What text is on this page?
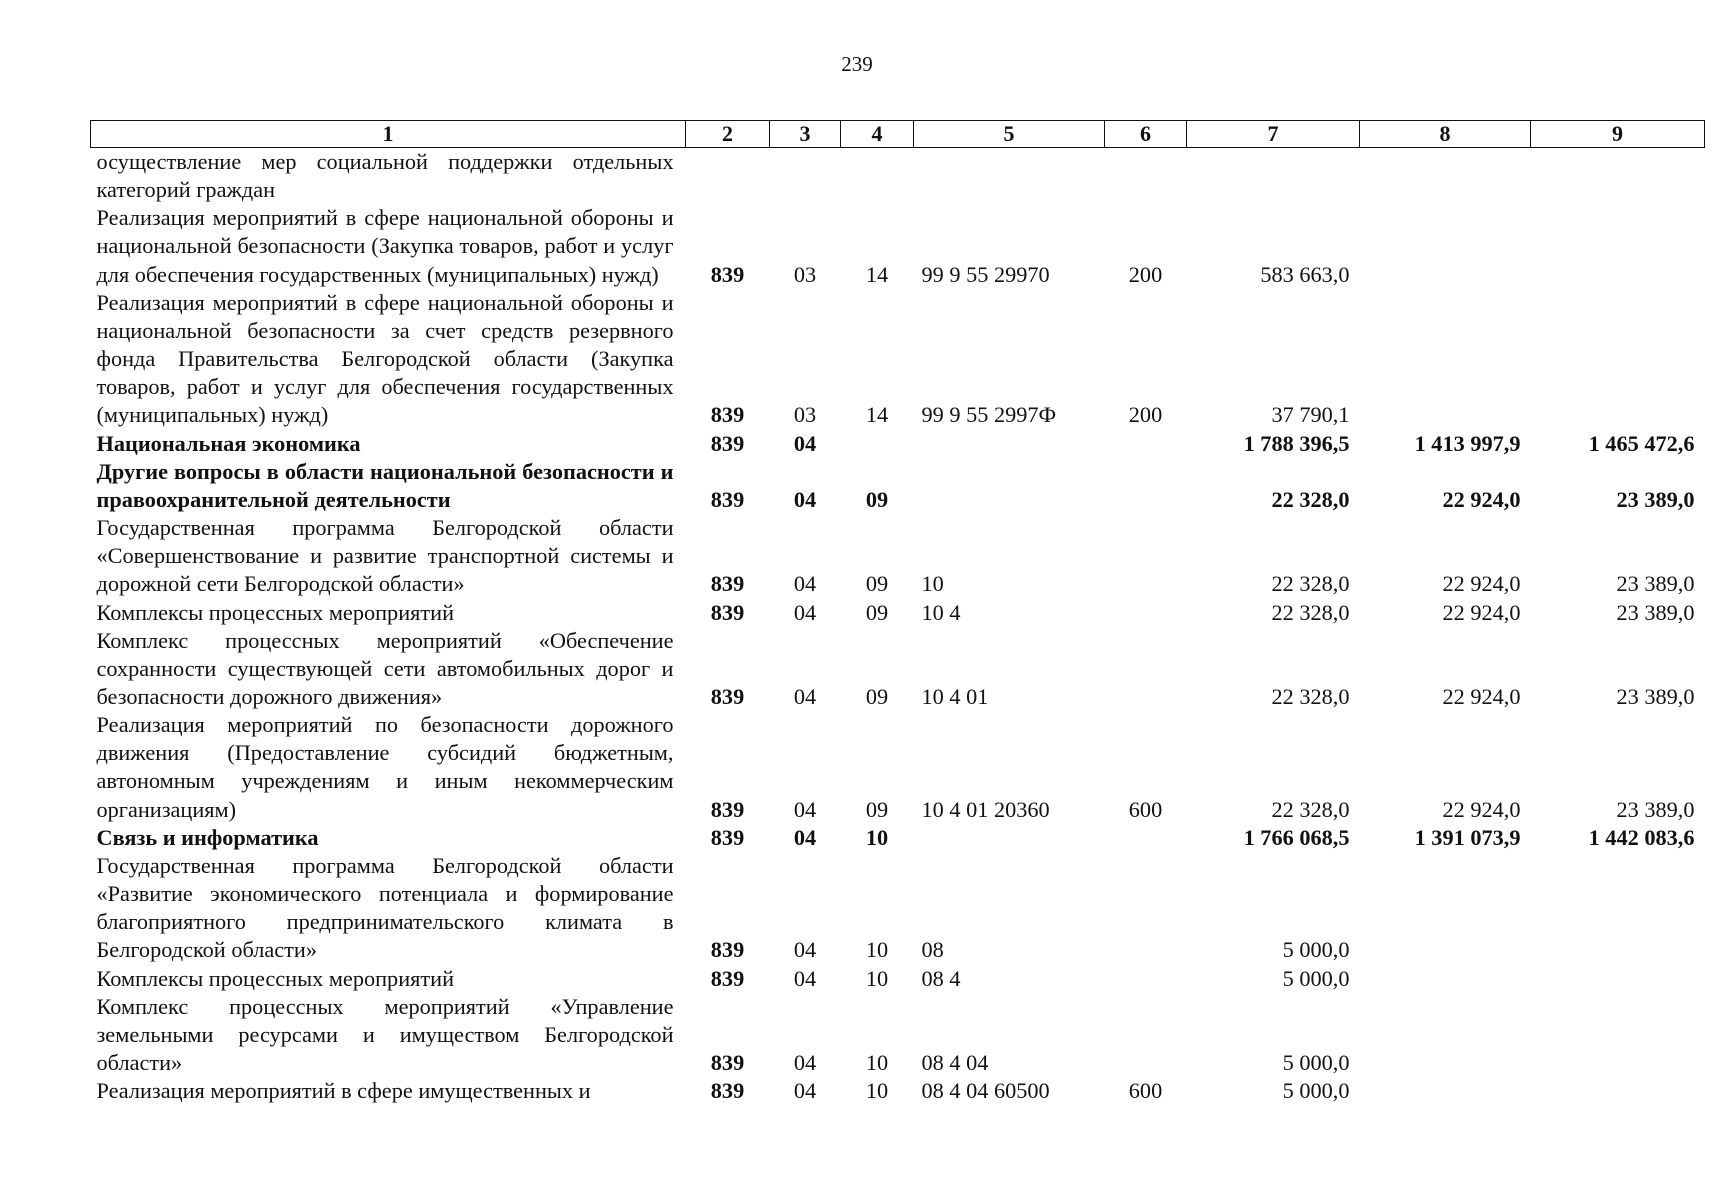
239
1	2	3	4	5	6	7	8	9
осуществление мер социальной поддержки отдельных категорий граждан								
Реализация мероприятий в сфере национальной обороны и национальной безопасности (Закупка товаров, работ и услуг для обеспечения государственных (муниципальных) нужд)	839	03	14	99 9 55 29970	200	583 663,0		
Реализация мероприятий в сфере национальной обороны и национальной безопасности за счет средств резервного фонда Правительства Белгородской области (Закупка товаров, работ и услуг для обеспечения государственных (муниципальных) нужд)	839	03	14	99 9 55 2997Ф	200	37 790,1		
Национальная экономика	839	04				1 788 396,5	1 413 997,9	1 465 472,6
Другие вопросы в области национальной безопасности и правоохранительной деятельности	839	04	09			22 328,0	22 924,0	23 389,0
Государственная программа Белгородской области «Совершенствование и развитие транспортной системы и дорожной сети Белгородской области»	839	04	09	10		22 328,0	22 924,0	23 389,0
Комплексы процессных мероприятий	839	04	09	10 4		22 328,0	22 924,0	23 389,0
Комплекс процессных мероприятий «Обеспечение сохранности существующей сети автомобильных дорог и безопасности дорожного движения»	839	04	09	10 4 01		22 328,0	22 924,0	23 389,0
Реализация мероприятий по безопасности дорожного движения (Предоставление субсидий бюджетным, автономным учреждениям и иным некоммерческим организациям)	839	04	09	10 4 01 20360	600	22 328,0	22 924,0	23 389,0
Связь и информатика	839	04	10			1 766 068,5	1 391 073,9	1 442 083,6
Государственная программа Белгородской области «Развитие экономического потенциала и формирование благоприятного предпринимательского климата в Белгородской области»	839	04	10	08		5 000,0		
Комплексы процессных мероприятий	839	04	10	08 4		5 000,0		
Комплекс процессных мероприятий «Управление земельными ресурсами и имуществом Белгородской области»	839	04	10	08 4 04		5 000,0		
Реализация мероприятий в сфере имущественных и	839	04	10	08 4 04 60500	600	5 000,0		
